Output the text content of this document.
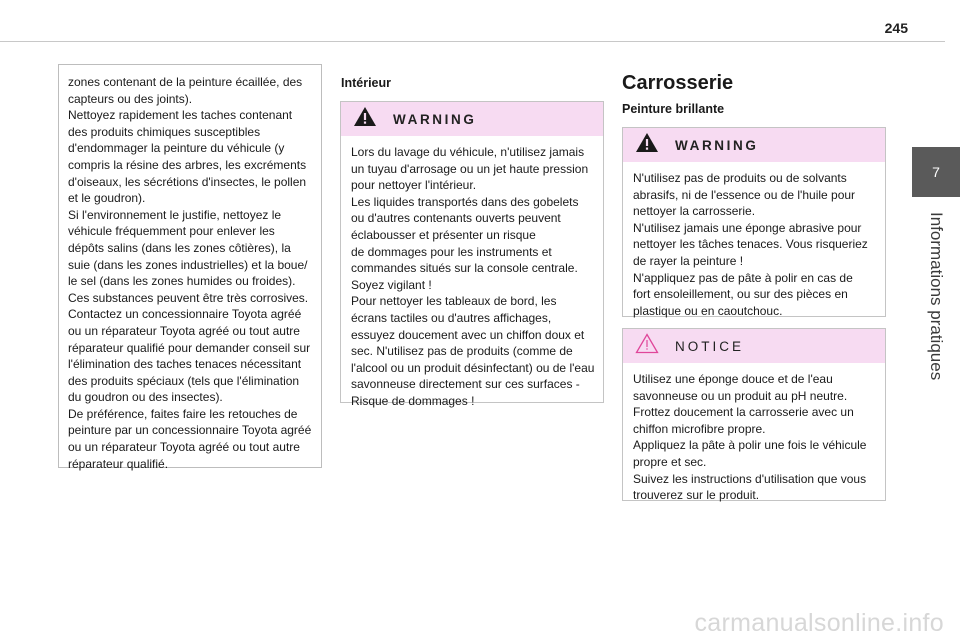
245
7
Informations pratiques
zones contenant de la peinture écaillée, des
capteurs ou des joints).
Nettoyez rapidement les taches contenant
des produits chimiques susceptibles
d'endommager la peinture du véhicule (y
compris la résine des arbres, les excréments
d'oiseaux, les sécrétions d'insectes, le pollen
et le goudron).
Si l'environnement le justifie, nettoyez le
véhicule fréquemment pour enlever les
dépôts salins (dans les zones côtières), la
suie (dans les zones industrielles) et la boue/
le sel (dans les zones humides ou froides).
Ces substances peuvent être très corrosives.
Contactez un concessionnaire Toyota agréé
ou un réparateur Toyota agréé ou tout autre
réparateur qualifié pour demander conseil sur
l'élimination des taches tenaces nécessitant
des produits spéciaux (tels que l'élimination
du goudron ou des insectes).
De préférence, faites faire les retouches de
peinture par un concessionnaire Toyota agréé
ou un réparateur Toyota agréé ou tout autre
réparateur qualifié.
Intérieur
WARNING
Lors du lavage du véhicule, n'utilisez jamais
un tuyau d'arrosage ou un jet haute pression
pour nettoyer l'intérieur.
Les liquides transportés dans des gobelets
ou d'autres contenants ouverts peuvent
éclabousser et présenter un risque
de dommages pour les instruments et
commandes situés sur la console centrale.
Soyez vigilant !
Pour nettoyer les tableaux de bord, les
écrans tactiles ou d'autres affichages,
essuyez doucement avec un chiffon doux et
sec. N'utilisez pas de produits (comme de
l'alcool ou un produit désinfectant) ou de l'eau
savonneuse directement sur ces surfaces -
Risque de dommages !
Carrosserie
Peinture brillante
WARNING
N'utilisez pas de produits ou de solvants
abrasifs, ni de l'essence ou de l'huile pour
nettoyer la carrosserie.
N'utilisez jamais une éponge abrasive pour
nettoyer les tâches tenaces. Vous risqueriez
de rayer la peinture !
N'appliquez pas de pâte à polir en cas de
fort ensoleillement, ou sur des pièces en
plastique ou en caoutchouc.
NOTICE
Utilisez une éponge douce et de l'eau
savonneuse ou un produit au pH neutre.
Frottez doucement la carrosserie avec un
chiffon microfibre propre.
Appliquez la pâte à polir une fois le véhicule
propre et sec.
Suivez les instructions d'utilisation que vous
trouverez sur le produit.
carmanualsonline.info
